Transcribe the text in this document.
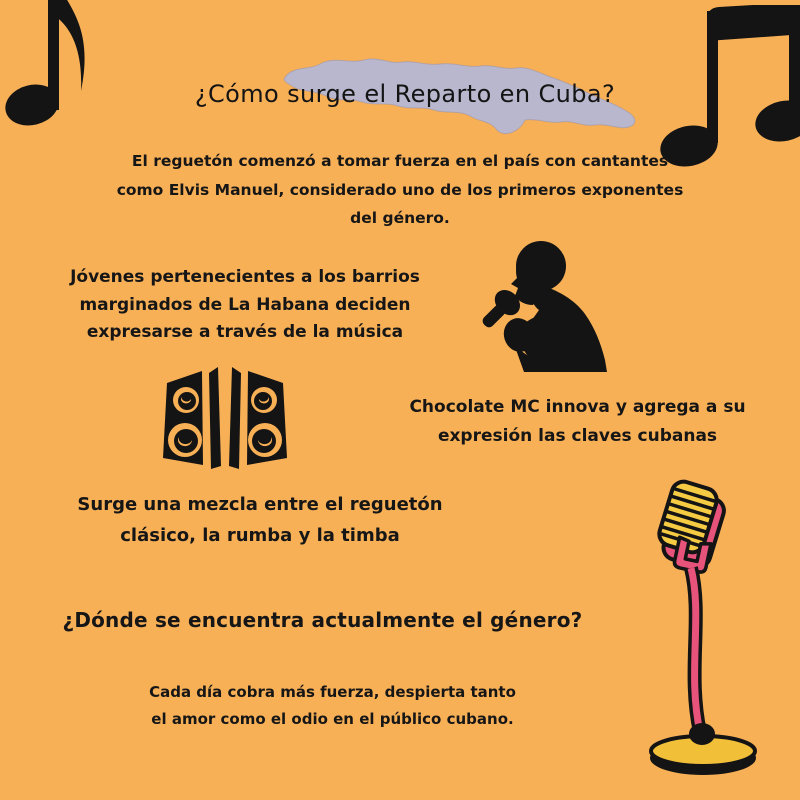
¿Cómo surge el Reparto en Cuba?
El reguetón comenzó a tomar fuerza en el país con cantantes
como Elvis Manuel, considerado uno de los primeros exponentes
del género.
Jóvenes pertenecientes a los barrios
marginados de La Habana deciden
expresarse a través de la música
Chocolate MC innova y agrega a su
expresión las claves cubanas
Surge una mezcla entre el reguetón
clásico, la rumba y la timba
¿Dónde se encuentra actualmente el género?
Cada día cobra más fuerza, despierta tanto
el amor como el odio en el público cubano.
